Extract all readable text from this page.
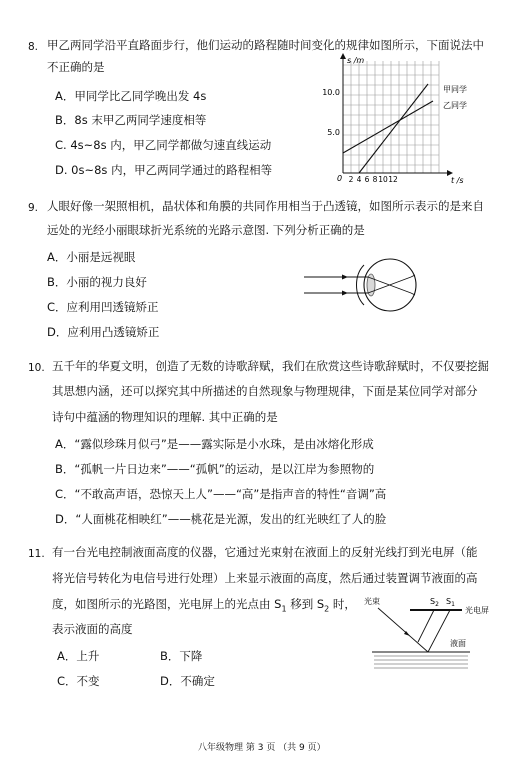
8. 甲乙两同学沿平直路面步行，他们运动的路程随时间变化的规律如图所示，下面说法中
不正确的是
A．甲同学比乙同学晚出发 4s
B．8s 末甲乙两同学速度相等
C. 4s~8s 内，甲乙同学都做匀速直线运动
D. 0s~8s 内，甲乙两同学通过的路程相等
s /m
t /s
10.0
5.0
0 2 4 6 8 10 12
甲同学
乙同学
9. 人眼好像一架照相机，晶状体和角膜的共同作用相当于凸透镜，如图所示表示的是来自
远处的光经小丽眼球折光系统的光路示意图. 下列分析正确的是
A．小丽是远视眼
B．小丽的视力良好
C．应利用凹透镜矫正
D．应利用凸透镜矫正
10. 五千年的华夏文明，创造了无数的诗歌辞赋，我们在欣赏这些诗歌辞赋时，不仅要挖掘
其思想内涵，还可以探究其中所描述的自然现象与物理规律，下面是某位同学对部分
诗句中蕴涵的物理知识的理解. 其中正确的是
A．“露似珍珠月似弓”是——露实际是小水珠，是由冰熔化形成
B．“孤帆一片日边来”——“孤帆”的运动，是以江岸为参照物的
C．“不敢高声语，恐惊天上人”——“高”是指声音的特性“音调”高
D．“人面桃花相映红”——桃花是光源，发出的红光映红了人的脸
11. 有一台光电控制液面高度的仪器，它通过光束射在液面上的反射光线打到光电屏（能
将光信号转化为电信号进行处理）上来显示液面的高度，然后通过装置调节液面的高
度，如图所示的光路图，光电屏上的光点由 $S_1$ 移到 $S_2$ 时，
表示液面的高度
A．上升	B．下降
C．不变	D．不确定
光束	$S_2$ $S_1$
光电屏
液面
八年级物理 第 3 页 （共 9 页）
